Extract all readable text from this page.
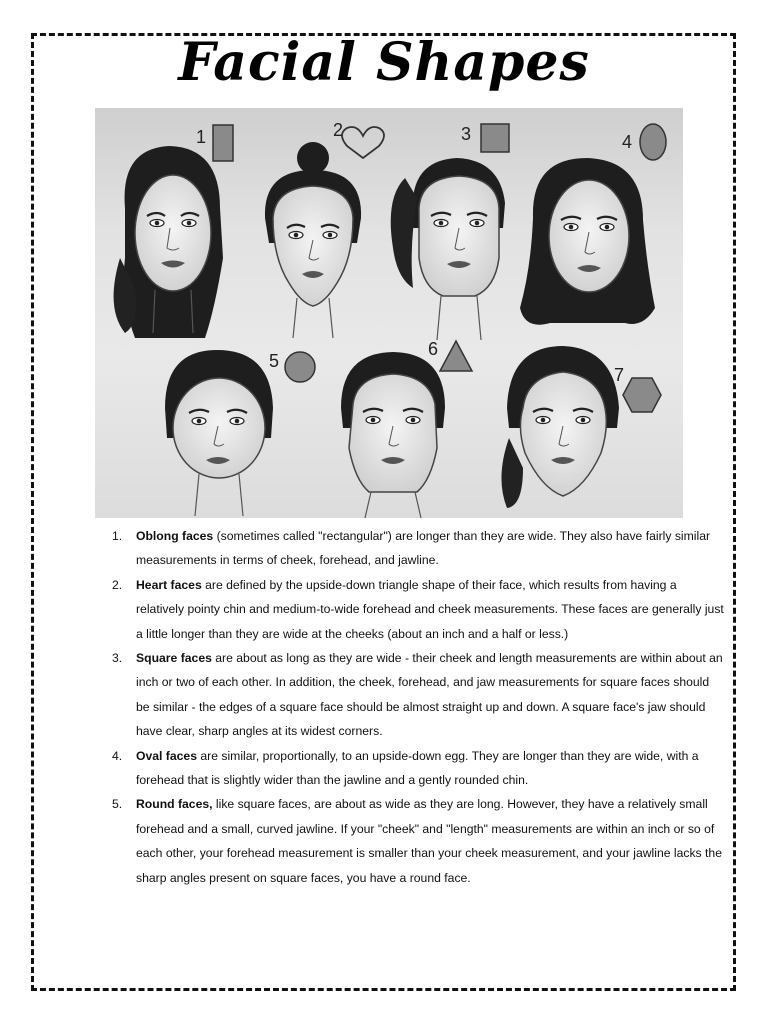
Facial Shapes
1	2	3	4
5
6
7
1. Oblong faces (sometimes called "rectangular") are longer than they are wide. They also have fairly similar measurements in terms of cheek, forehead, and jawline.
2. Heart faces are defined by the upside-down triangle shape of their face, which results from having a relatively pointy chin and medium-to-wide forehead and cheek measurements. These faces are generally just a little longer than they are wide at the cheeks (about an inch and a half or less.)
3. Square faces are about as long as they are wide - their cheek and length measurements are within about an inch or two of each other. In addition, the cheek, forehead, and jaw measurements for square faces should be similar - the edges of a square face should be almost straight up and down. A square face's jaw should have clear, sharp angles at its widest corners.
4. Oval faces are similar, proportionally, to an upside-down egg. They are longer than they are wide, with a forehead that is slightly wider than the jawline and a gently rounded chin.
5. Round faces, like square faces, are about as wide as they are long. However, they have a relatively small forehead and a small, curved jawline. If your "cheek" and "length" measurements are within an inch or so of each other, your forehead measurement is smaller than your cheek measurement, and your jawline lacks the sharp angles present on square faces, you have a round face.
